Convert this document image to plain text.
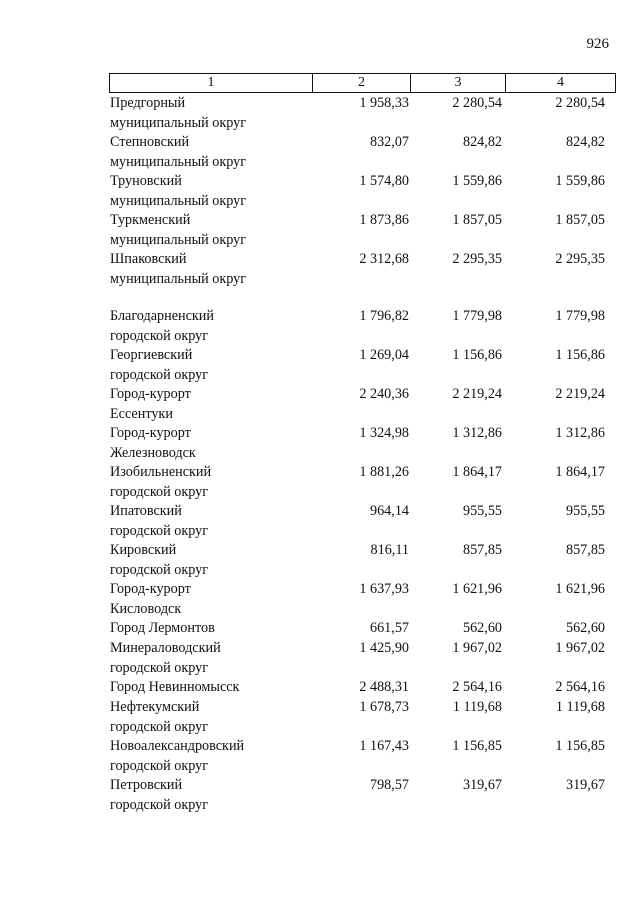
926
1	2	3	4
Предгорный
муниципальный округ
1 958,33	2 280,54	2 280,54
Степновский
муниципальный округ
832,07	824,82	824,82
Труновский
муниципальный округ
1 574,80	1 559,86	1 559,86
Туркменский
муниципальный округ
1 873,86	1 857,05	1 857,05
Шпаковский
муниципальный округ
2 312,68	2 295,35	2 295,35
Благодарненский
городской округ
1 796,82	1 779,98	1 779,98
Георгиевский
городской округ
1 269,04	1 156,86	1 156,86
Город-курорт
Ессентуки
2 240,36	2 219,24	2 219,24
Город-курорт
Железноводск
1 324,98	1 312,86	1 312,86
Изобильненский
городской округ
1 881,26	1 864,17	1 864,17
Ипатовский
городской округ
964,14	955,55	955,55
Кировский
городской округ
816,11	857,85	857,85
Город-курорт
Кисловодск
1 637,93	1 621,96	1 621,96
Город Лермонтов	661,57	562,60	562,60
Минераловодский
городской округ
1 425,90	1 967,02	1 967,02
Город Невинномысск	2 488,31	2 564,16	2 564,16
Нефтекумский
городской округ
1 678,73	1 119,68	1 119,68
Новоалександровский
городской округ
1 167,43	1 156,85	1 156,85
Петровский
городской округ
798,57	319,67	319,67
